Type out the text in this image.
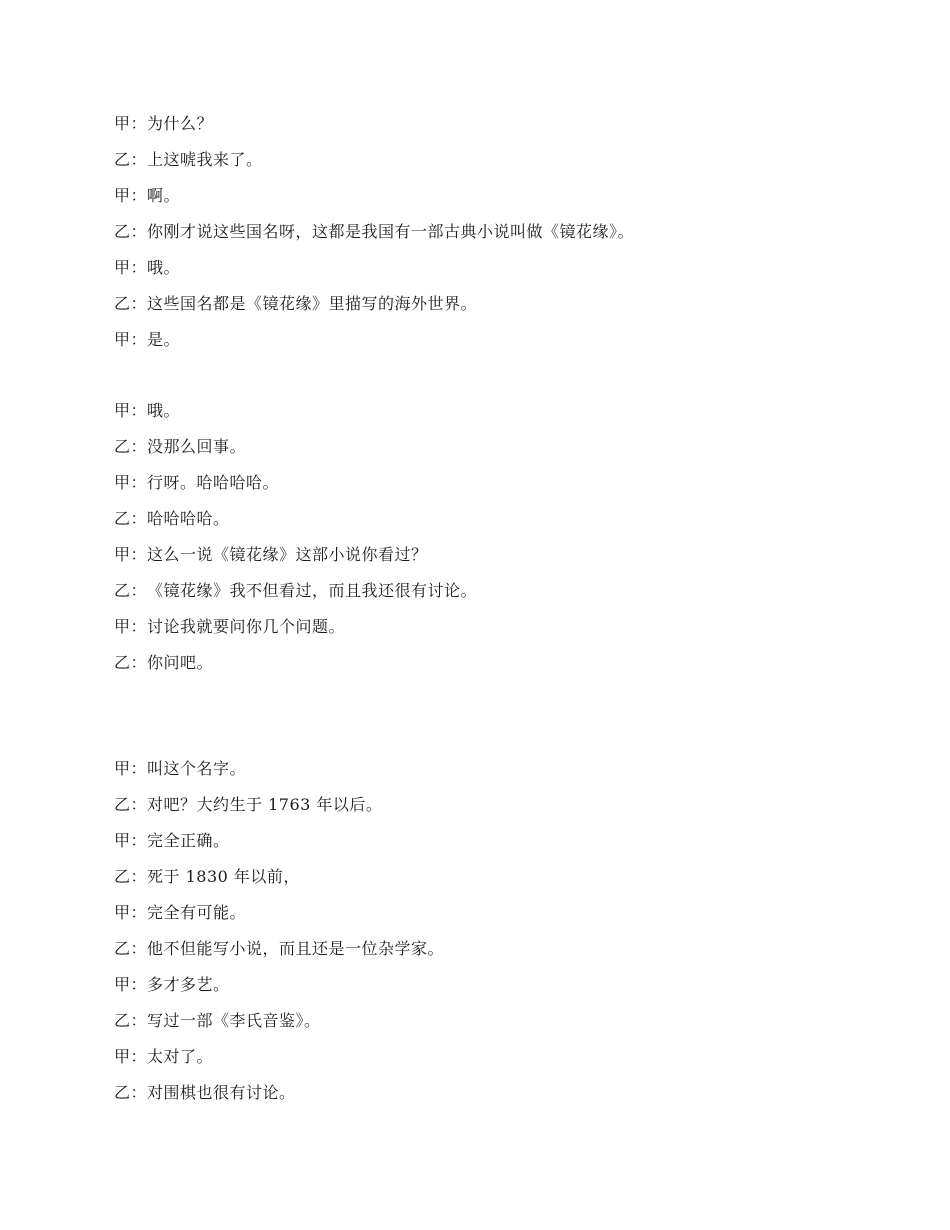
甲：为什么？
乙：上这唬我来了。
甲：啊。
乙：你刚才说这些国名呀，这都是我国有一部古典小说叫做《镜花缘》。
甲：哦。
乙：这些国名都是《镜花缘》里描写的海外世界。
甲：是。
甲：哦。
乙：没那么回事。
甲：行呀。哈哈哈哈。
乙：哈哈哈哈。
甲：这么一说《镜花缘》这部小说你看过？
乙：《镜花缘》我不但看过，而且我还很有讨论。
甲：讨论我就要问你几个问题。
乙：你问吧。
甲：叫这个名字。
乙：对吧？大约生于 1763 年以后。
甲：完全正确。
乙：死于 1830 年以前，
甲：完全有可能。
乙：他不但能写小说，而且还是一位杂学家。
甲：多才多艺。
乙：写过一部《李氏音鉴》。
甲：太对了。
乙：对围棋也很有讨论。
